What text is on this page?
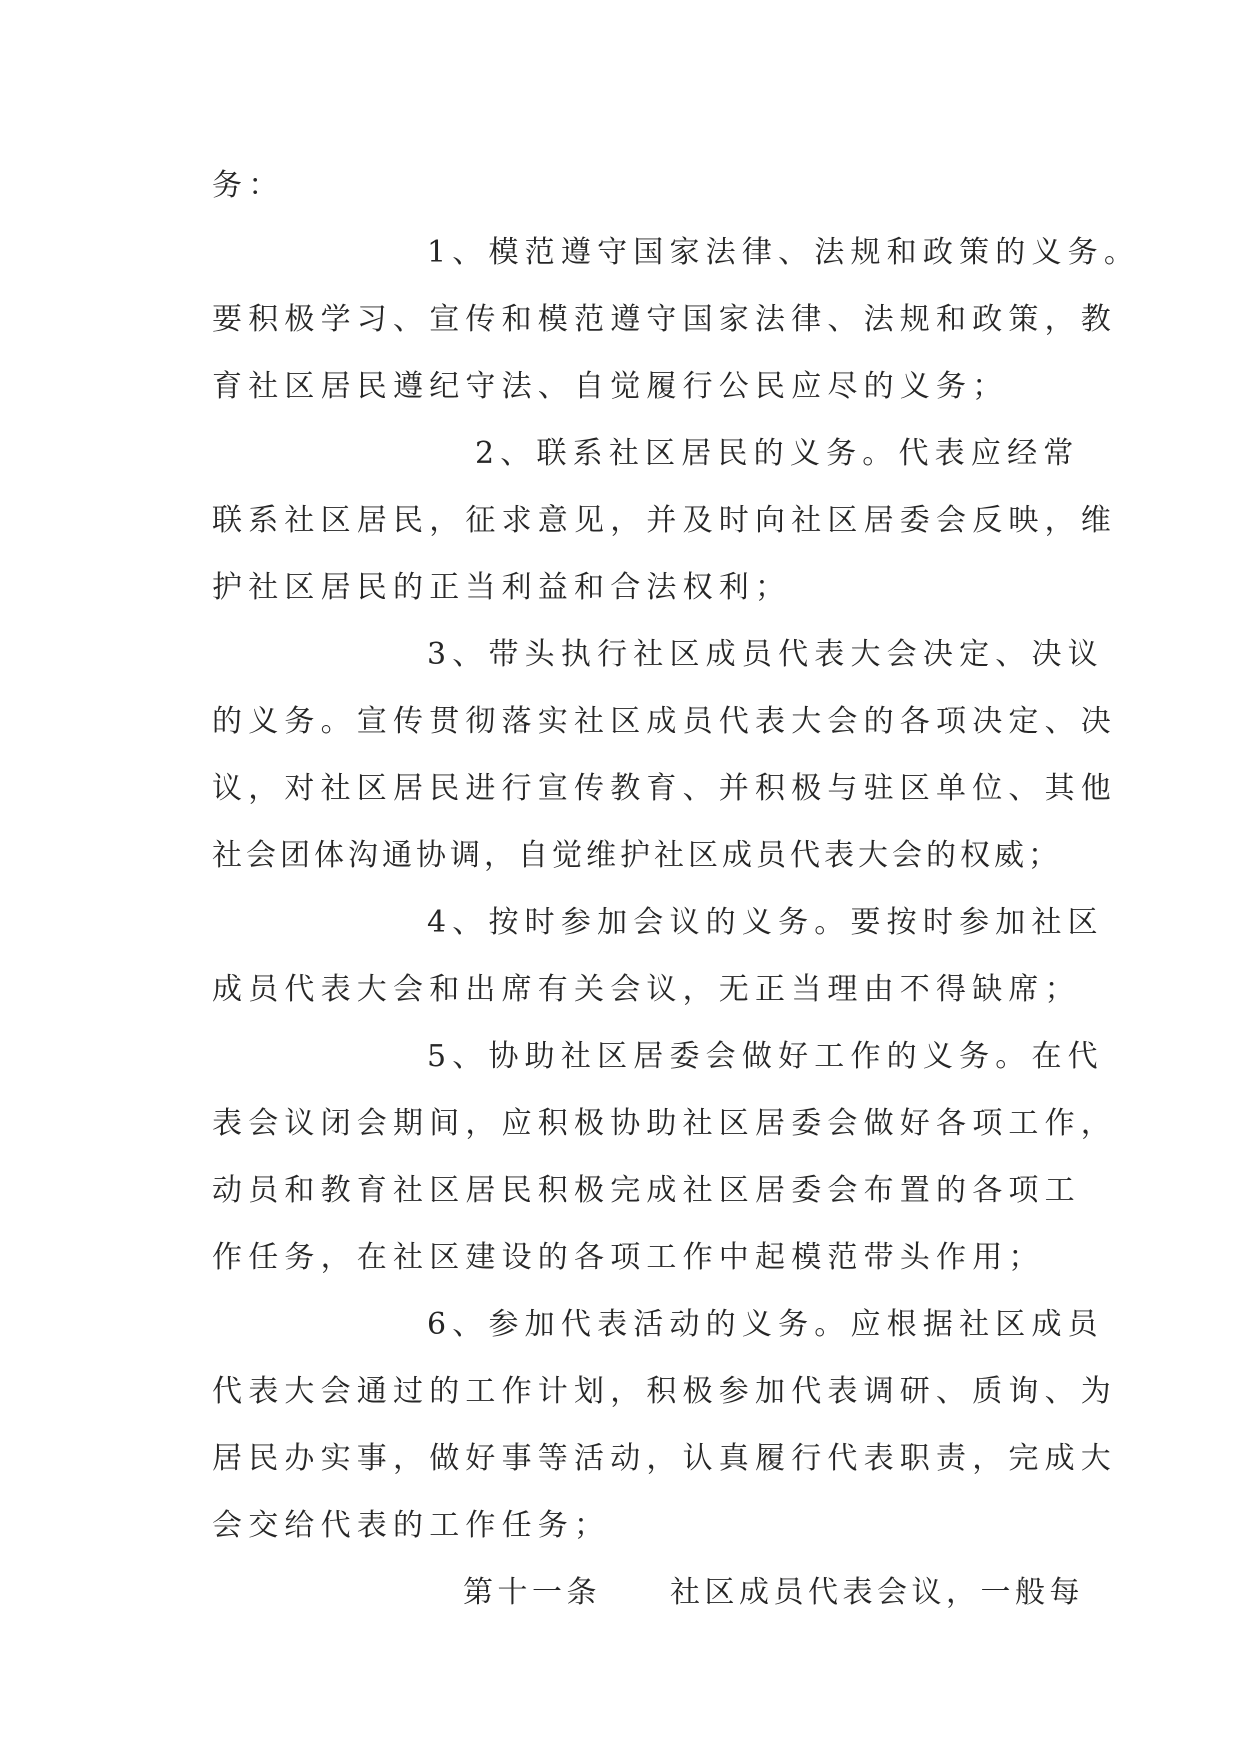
务：
1、模范遵守国家法律、法规和政策的义务。
要积极学习、宣传和模范遵守国家法律、法规和政策，教
育社区居民遵纪守法、自觉履行公民应尽的义务；
2、联系社区居民的义务。代表应经常
联系社区居民，征求意见，并及时向社区居委会反映，维
护社区居民的正当利益和合法权利；
3、带头执行社区成员代表大会决定、决议
的义务。宣传贯彻落实社区成员代表大会的各项决定、决
议，对社区居民进行宣传教育、并积极与驻区单位、其他
社会团体沟通协调，自觉维护社区成员代表大会的权威；
4、按时参加会议的义务。要按时参加社区
成员代表大会和出席有关会议，无正当理由不得缺席；
5、协助社区居委会做好工作的义务。在代
表会议闭会期间，应积极协助社区居委会做好各项工作，
动员和教育社区居民积极完成社区居委会布置的各项工
作任务，在社区建设的各项工作中起模范带头作用；
6、参加代表活动的义务。应根据社区成员
代表大会通过的工作计划，积极参加代表调研、质询、为
居民办实事，做好事等活动，认真履行代表职责，完成大
会交给代表的工作任务；
第十一条　　社区成员代表会议，一般每
